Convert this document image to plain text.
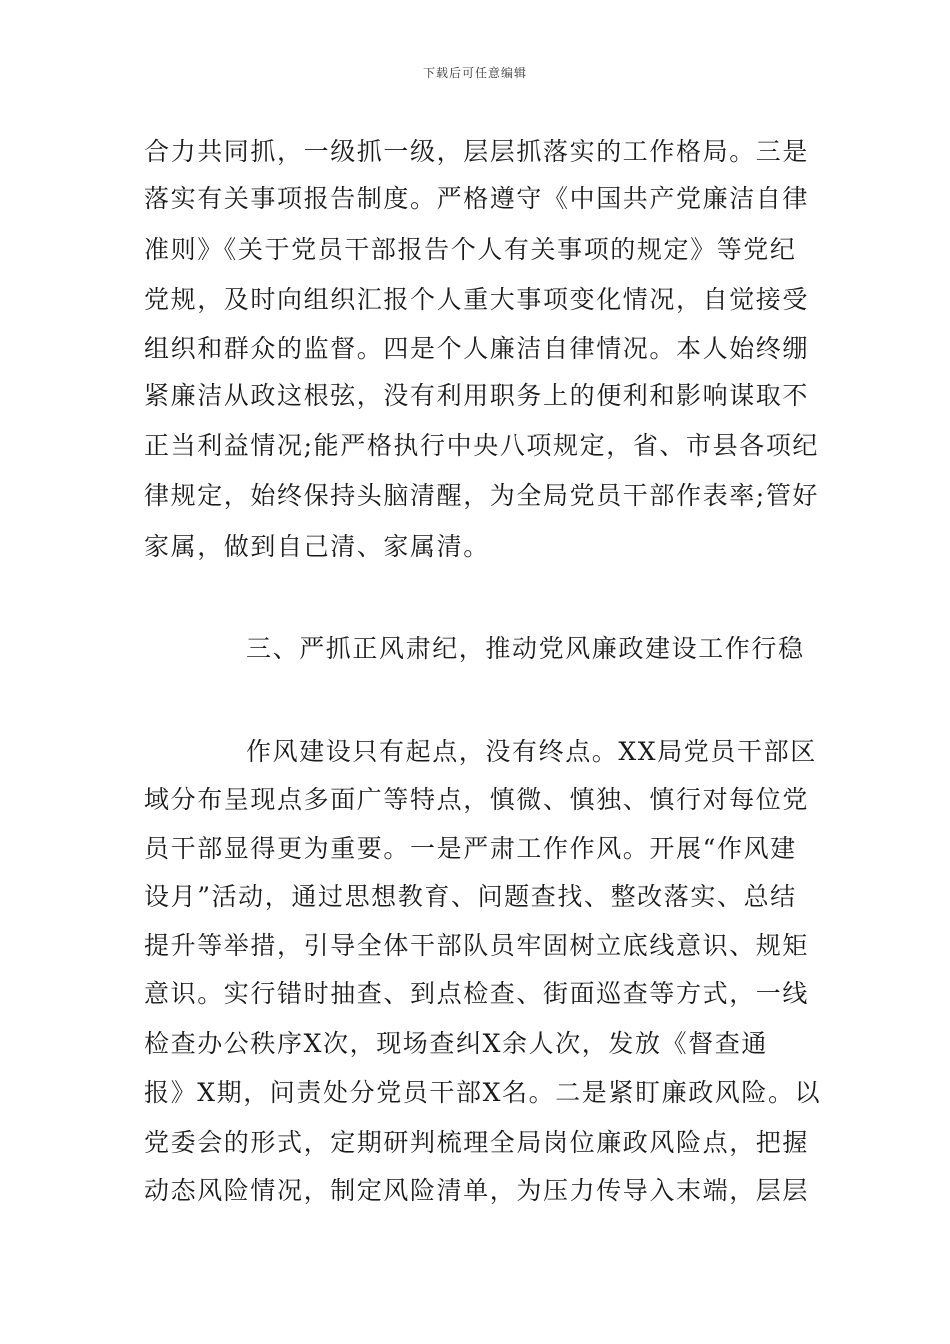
下载后可任意编辑
合力共同抓，一级抓一级，层层抓落实的工作格局。三是
落实有关事项报告制度。严格遵守《中国共产党廉洁自律
准则》《关于党员干部报告个人有关事项的规定》等党纪
党规，及时向组织汇报个人重大事项变化情况，自觉接受
组织和群众的监督。四是个人廉洁自律情况。本人始终绷
紧廉洁从政这根弦，没有利用职务上的便利和影响谋取不
正当利益情况;能严格执行中央八项规定，省、市县各项纪
律规定，始终保持头脑清醒，为全局党员干部作表率;管好
家属，做到自己清、家属清。
三、严抓正风肃纪，推动党风廉政建设工作行稳
作风建设只有起点，没有终点。XX局党员干部区
域分布呈现点多面广等特点，慎微、慎独、慎行对每位党
员干部显得更为重要。一是严肃工作作风。开展“作风建
设月”活动，通过思想教育、问题查找、整改落实、总结
提升等举措，引导全体干部队员牢固树立底线意识、规矩
意识。实行错时抽查、到点检查、街面巡查等方式，一线
检查办公秩序X次，现场查纠X余人次，发放《督查通
报》X期，问责处分党员干部X名。二是紧盯廉政风险。以
党委会的形式，定期研判梳理全局岗位廉政风险点，把握
动态风险情况，制定风险清单，为压力传导入末端，层层
